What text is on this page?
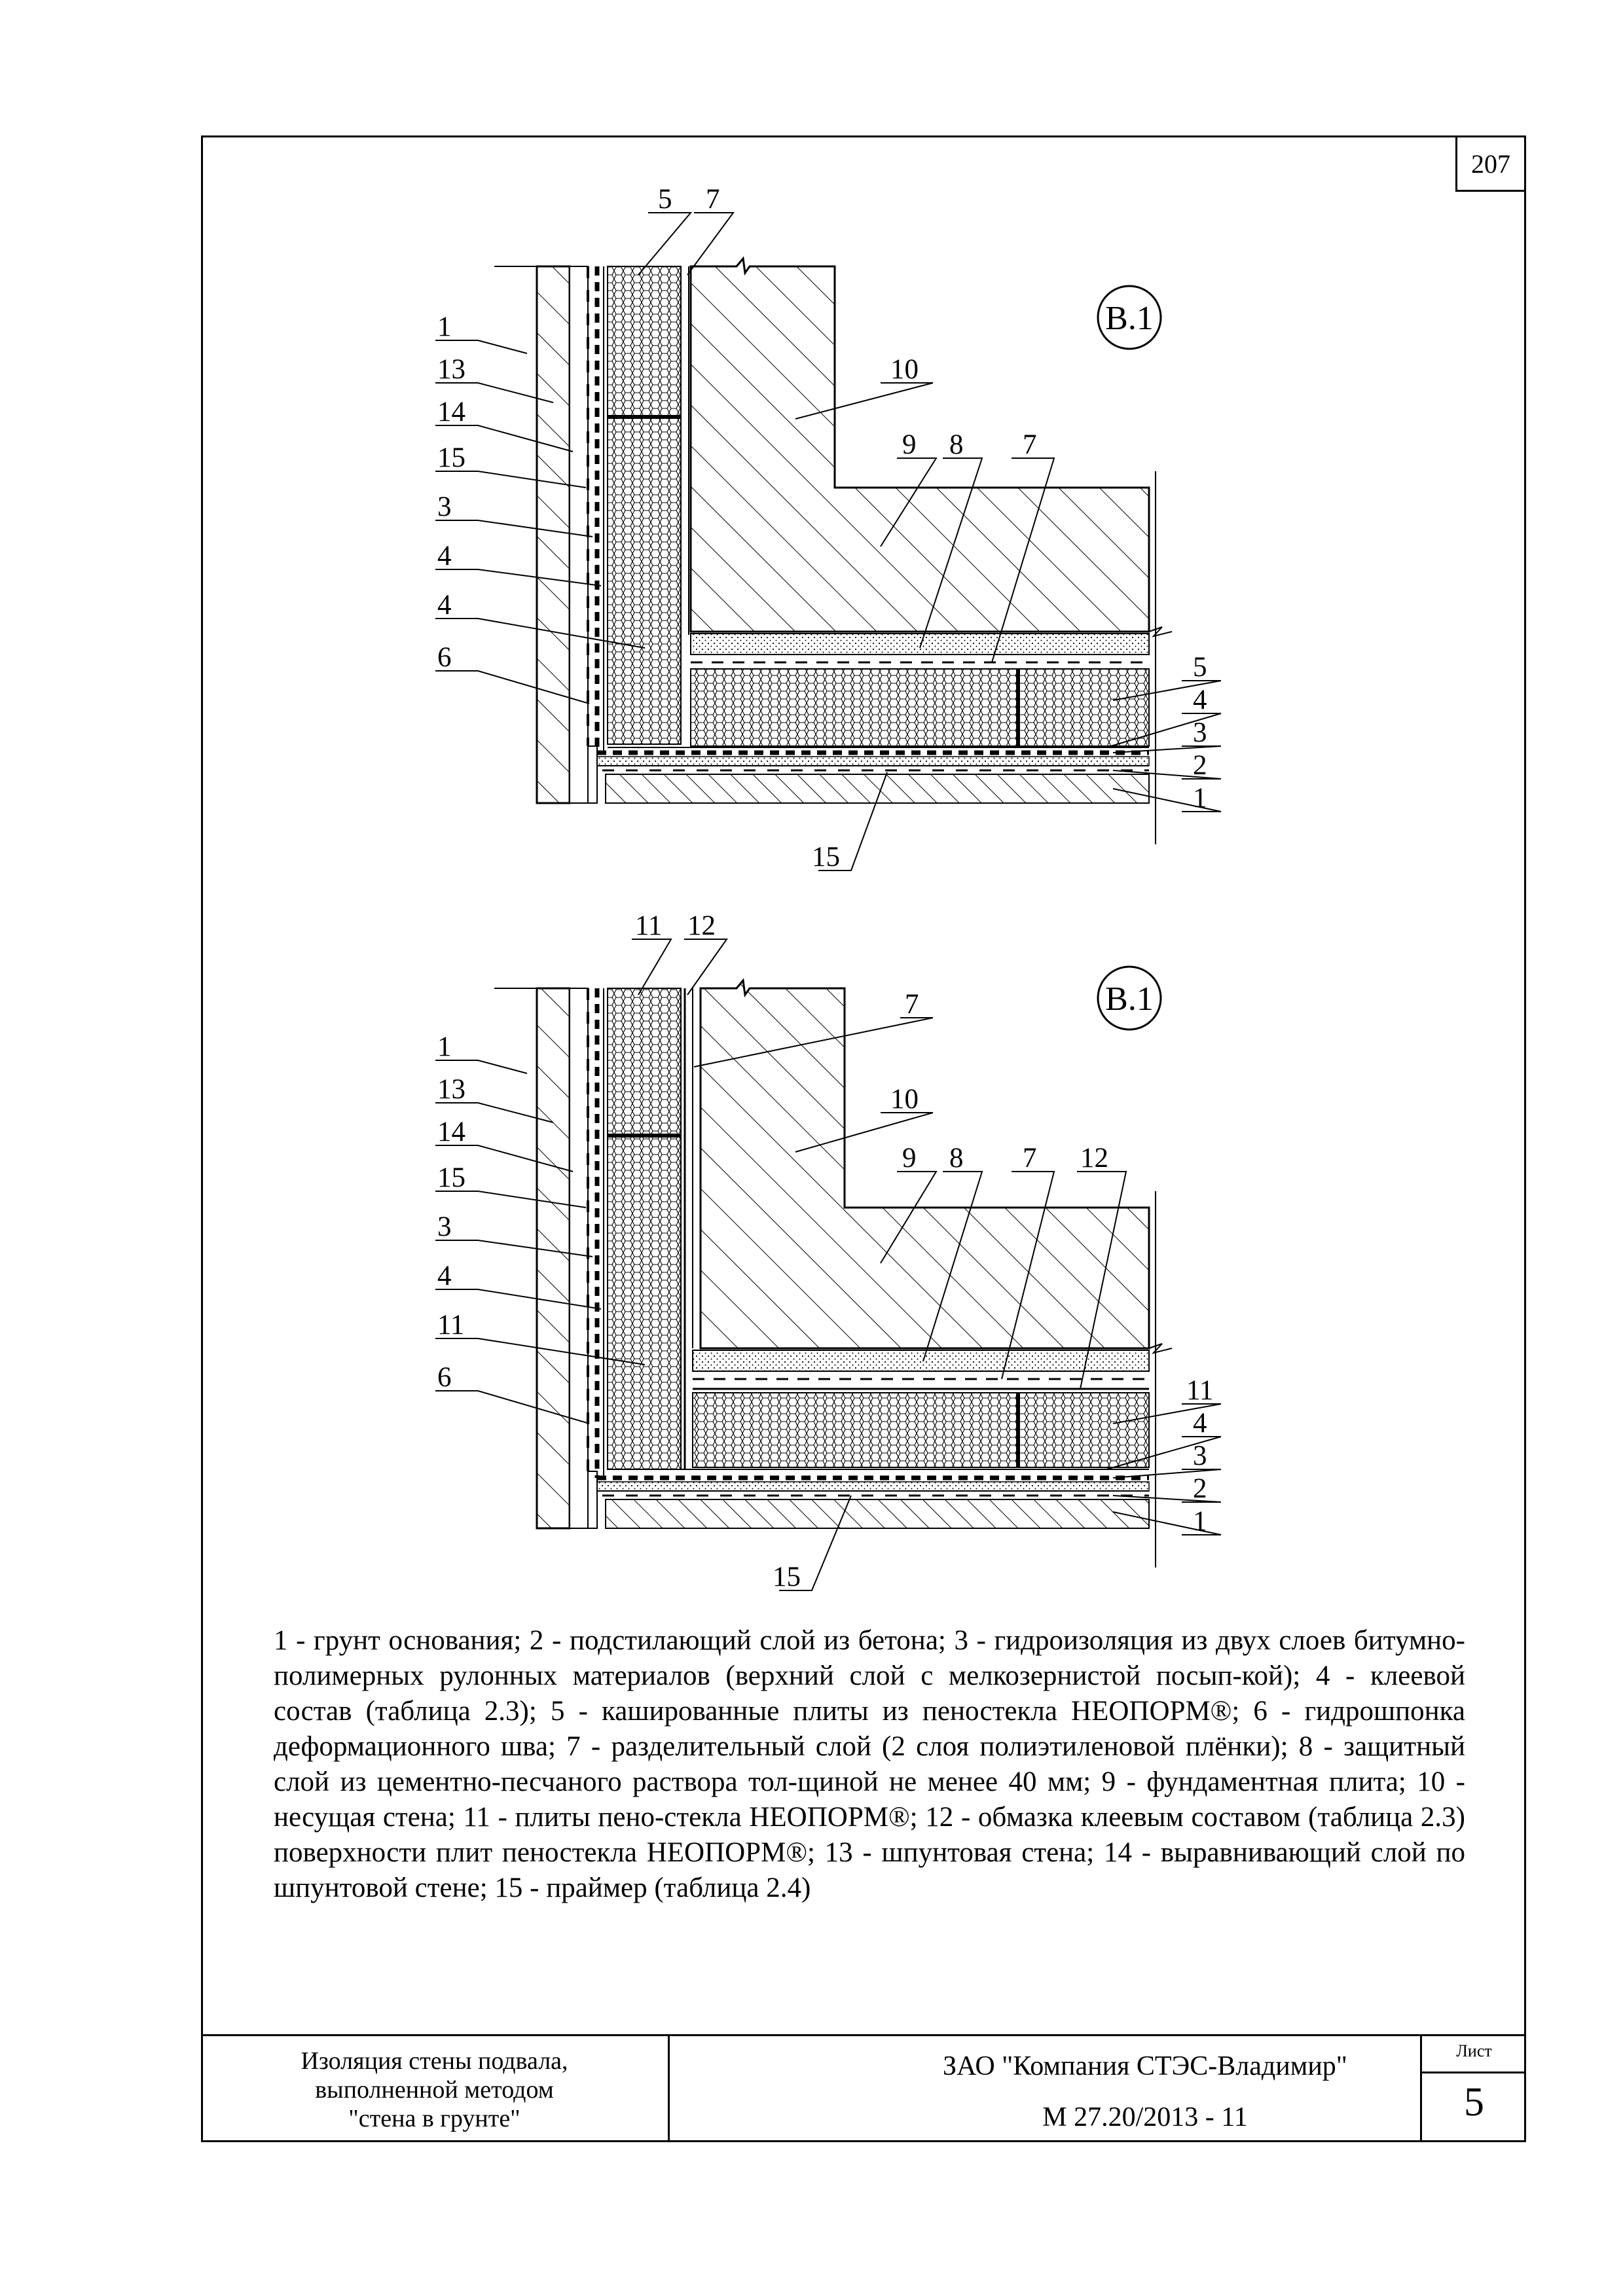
207
В.1
1
13
14
15
3
4
4
6
5 7
10
9 8 7
5
4
3
2
1
15
В.1
1
13
14
15
3
4
11
6
11 12
7
10
9 8 7 12
11
4
3
2
1
15
1 - грунт основания; 2 - подстилающий слой из бетона; 3 - гидроизоляция из двух слоев битумно-полимерных рулонных материалов (верхний слой с мелкозернистой посып-кой); 4 - клеевой состав (таблица 2.3); 5 - кашированные плиты из пеностекла НЕОПОРМ®; 6 - гидрошпонка деформационного шва; 7 - разделительный слой (2 слоя полиэтиленовой плёнки); 8 - защитный слой из цементно-песчаного раствора тол-щиной не менее 40 мм; 9 - фундаментная плита; 10 - несущая стена; 11 - плиты пено-стекла НЕОПОРМ®; 12 - обмазка клеевым составом (таблица 2.3) поверхности плит пеностекла НЕОПОРМ®; 13 - шпунтовая стена; 14 - выравнивающий слой по шпунтовой стене; 15 - праймер (таблица 2.4)
Изоляция стены подвала,
выполненной методом
"стена в грунте"
ЗАО "Компания СТЭС-Владимир"
М 27.20/2013 - 11
Лист
5
